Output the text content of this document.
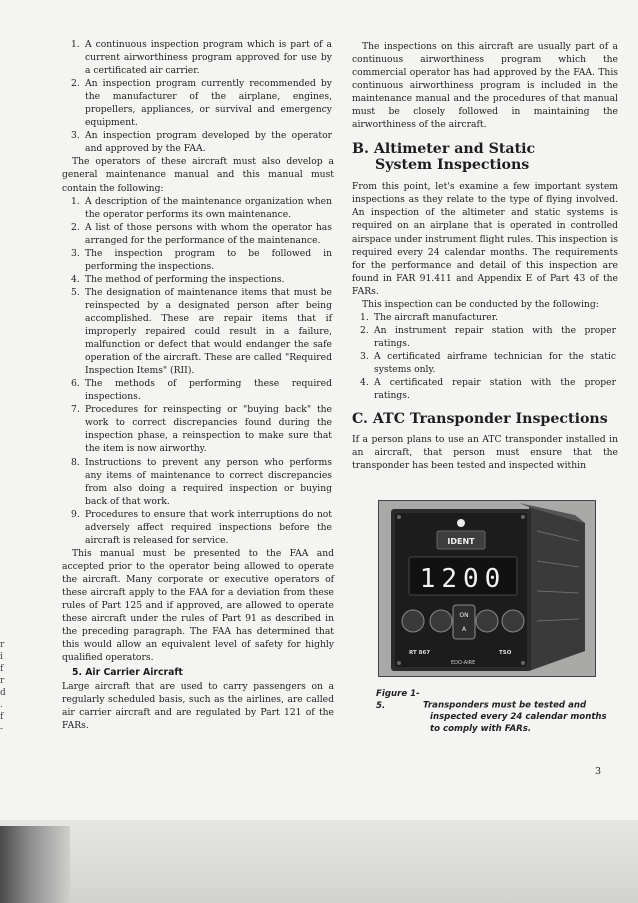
1. A continuous inspection program which is part of a current airworthiness program approved for use by a certificated air carrier.
2. An inspection program currently recommended by the manufacturer of the airplane, engines, propellers, appliances, or survival and emergency equipment.
3. An inspection program developed by the operator and approved by the FAA.

The operators of these aircraft must also develop a general maintenance manual and this manual must contain the following:

1. A description of the maintenance organization when the operator performs its own maintenance.
2. A list of those persons with whom the operator has arranged for the performance of the maintenance.
3. The inspection program to be followed in performing the inspections.
4. The method of performing the inspections.
5. The designation of maintenance items that must be reinspected by a designated person after being accomplished. These are repair items that if improperly repaired could result in a failure, malfunction or defect that would endanger the safe operation of the aircraft. These are called "Required Inspection Items" (RII).
6. The methods of performing these required inspections.
7. Procedures for reinspecting or "buying back" the work to correct discrepancies found during the inspection phase, a reinspection to make sure that the item is now airworthy.
8. Instructions to prevent any person who performs any items of maintenance to correct discrepancies from also doing a required inspection or buying back of that work.
9. Procedures to ensure that work interruptions do not adversely affect required inspections before the aircraft is released for service.

This manual must be presented to the FAA and accepted prior to the operator being allowed to operate the aircraft. Many corporate or executive operators of these aircraft apply to the FAA for a deviation from these rules of Part 125 and if approved, are allowed to operate these aircraft under the rules of Part 91 as described in the preceding paragraph. The FAA has determined that this would allow an equivalent level of safety for highly qualified operators.

5. Air Carrier Aircraft

Large aircraft that are used to carry passengers on a regularly scheduled basis, such as the airlines, are called air carrier aircraft and are regulated by Part 121 of the FARs.

The inspections on this aircraft are usually part of a continuous airworthiness program which the commercial operator has had approved by the FAA. This continuous airworthiness program is included in the maintenance manual and the procedures of that manual must be closely followed in maintaining the airworthiness of the aircraft.

B. Altimeter and Static
System Inspections

From this point, let's examine a few important system inspections as they relate to the type of flying involved. An inspection of the altimeter and static systems is required on an airplane that is operated in controlled airspace under instrument flight rules. This inspection is required every 24 calendar months. The requirements for the performance and detail of this inspection are found in FAR 91.411 and Appendix E of Part 43 of the FARs.

This inspection can be conducted by the following:

1. The aircraft manufacturer.
2. An instrument repair station with the proper ratings.
3. A certificated airframe technician for the static systems only.
4. A certificated repair station with the proper ratings.
C. ATC Transponder Inspections

If a person plans to use an ATC transponder installed in an aircraft, that person must ensure that the transponder has been tested and inspected within

IDENT
1200
ON
A
RT 867	TSO
EDO-AIRE
Figure 1-5.	Transponders must be tested and
inspected every 24 calendar months to comply with FARs.
3
r
i
f
r
d
.
f
-
